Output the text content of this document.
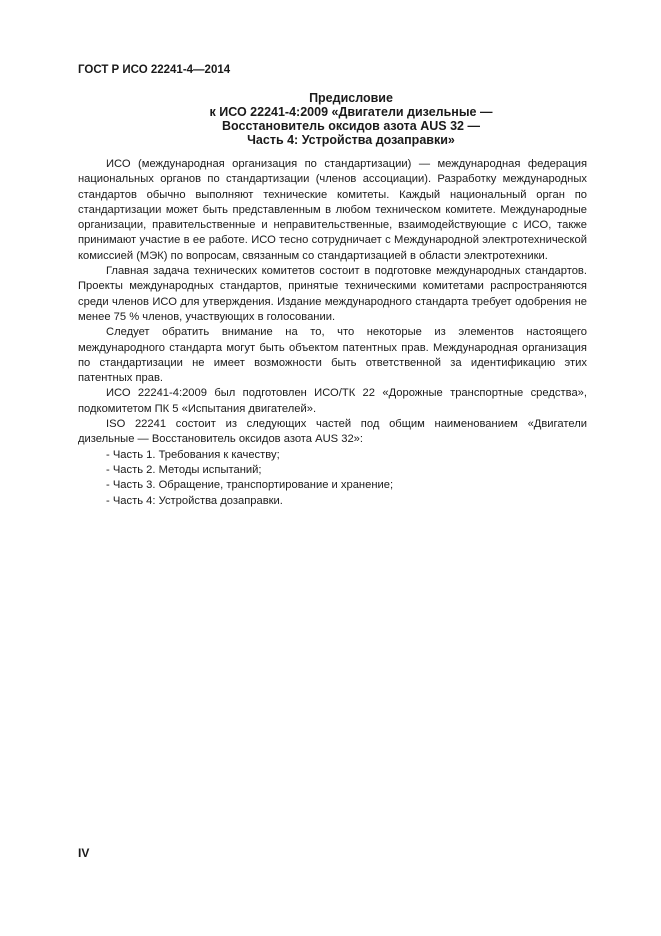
ГОСТ Р ИСО 22241-4—2014
Предисловие
к ИСО 22241-4:2009 «Двигатели дизельные —
Восстановитель оксидов азота AUS 32 —
Часть 4: Устройства дозаправки»

ИСО (международная организация по стандартизации) — международная федерация национальных органов по стандартизации (членов ассоциации). Разработку международных стандартов обычно выполняют технические комитеты. Каждый национальный орган по стандартизации может быть представленным в любом техническом комитете. Международные организации, правительственные и неправительственные, взаимодействующие с ИСО, также принимают участие в ее работе. ИСО тесно сотрудничает с Международной электротехнической комиссией (МЭК) по вопросам, связанным со стандартизацией в области электротехники.

Главная задача технических комитетов состоит в подготовке международных стандартов. Проекты международных стандартов, принятые техническими комитетами распространяются среди членов ИСО для утверждения. Издание международного стандарта требует одобрения не менее 75 % членов, участвующих в голосовании.

Следует обратить внимание на то, что некоторые из элементов настоящего международного стандарта могут быть объектом патентных прав. Международная организация по стандартизации не имеет возможности быть ответственной за идентификацию этих патентных прав.

ИСО 22241-4:2009 был подготовлен ИСО/ТК 22 «Дорожные транспортные средства», подкомитетом ПК 5 «Испытания двигателей».

ISO 22241 состоит из следующих частей под общим наименованием «Двигатели дизельные — Восстановитель оксидов азота AUS 32»:

- Часть 1. Требования к качеству;
- Часть 2. Методы испытаний;
- Часть 3. Обращение, транспортирование и хранение;
- Часть 4: Устройства дозаправки.
IV
